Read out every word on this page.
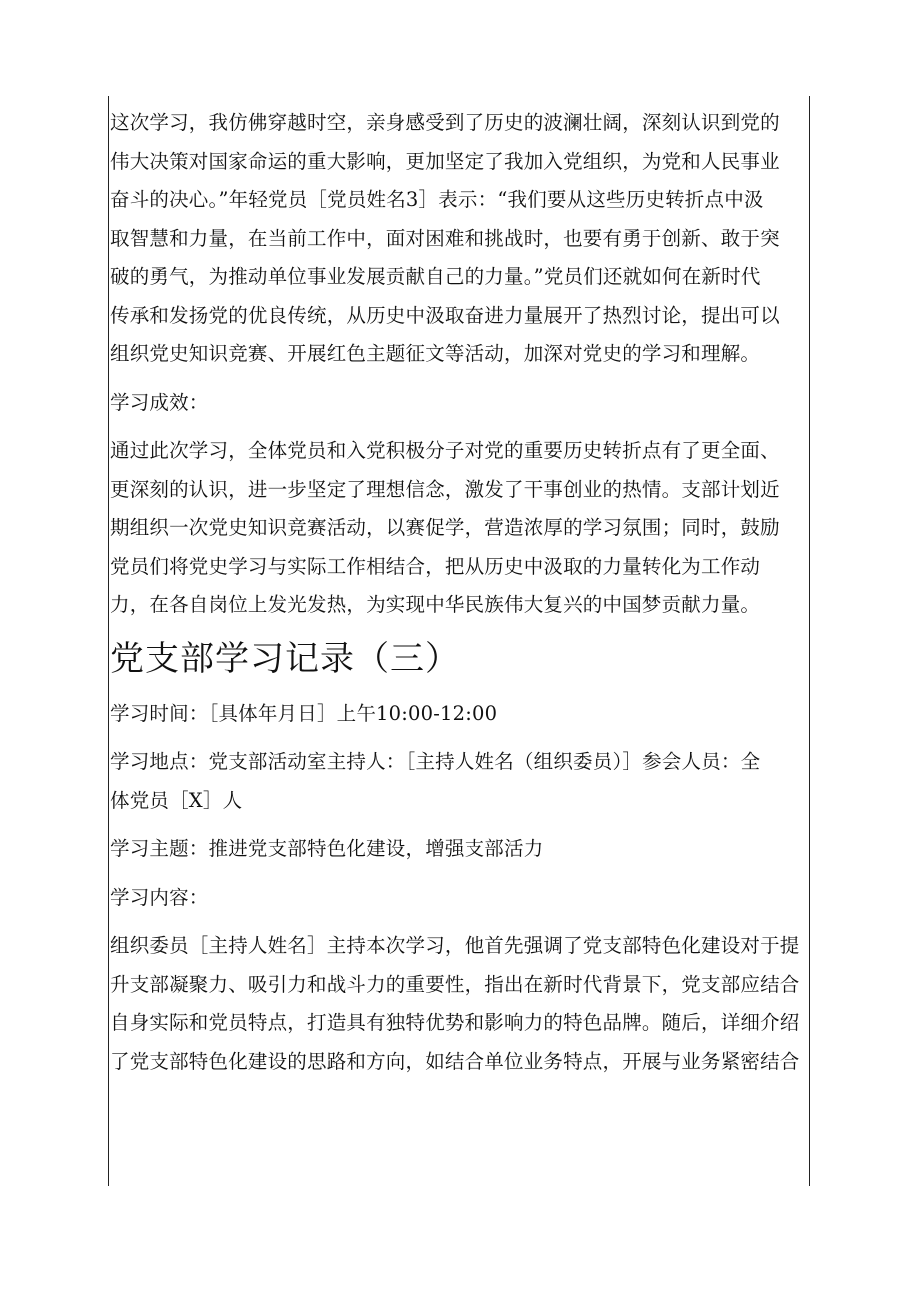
这次学习，我仿佛穿越时空，亲身感受到了历史的波澜壮阔，深刻认识到党的
伟大决策对国家命运的重大影响，更加坚定了我加入党组织，为党和人民事业
奋斗的决心。”年轻党员［党员姓名3］表示：“我们要从这些历史转折点中汲
取智慧和力量，在当前工作中，面对困难和挑战时，也要有勇于创新、敢于突
破的勇气，为推动单位事业发展贡献自己的力量。”党员们还就如何在新时代
传承和发扬党的优良传统，从历史中汲取奋进力量展开了热烈讨论，提出可以
组织党史知识竞赛、开展红色主题征文等活动，加深对党史的学习和理解。

学习成效：

通过此次学习，全体党员和入党积极分子对党的重要历史转折点有了更全面、
更深刻的认识，进一步坚定了理想信念，激发了干事创业的热情。支部计划近
期组织一次党史知识竞赛活动，以赛促学，营造浓厚的学习氛围；同时，鼓励
党员们将党史学习与实际工作相结合，把从历史中汲取的力量转化为工作动
力，在各自岗位上发光发热，为实现中华民族伟大复兴的中国梦贡献力量。

党支部学习记录（三）

学习时间：［具体年月日］上午10:00-12:00

学习地点：党支部活动室主持人：［主持人姓名（组织委员）］参会人员：全
体党员［X］人

学习主题：推进党支部特色化建设，增强支部活力

学习内容：

组织委员［主持人姓名］主持本次学习，他首先强调了党支部特色化建设对于提
升支部凝聚力、吸引力和战斗力的重要性，指出在新时代背景下，党支部应结合
自身实际和党员特点，打造具有独特优势和影响力的特色品牌。随后，详细介绍
了党支部特色化建设的思路和方向，如结合单位业务特点，开展与业务紧密结合
